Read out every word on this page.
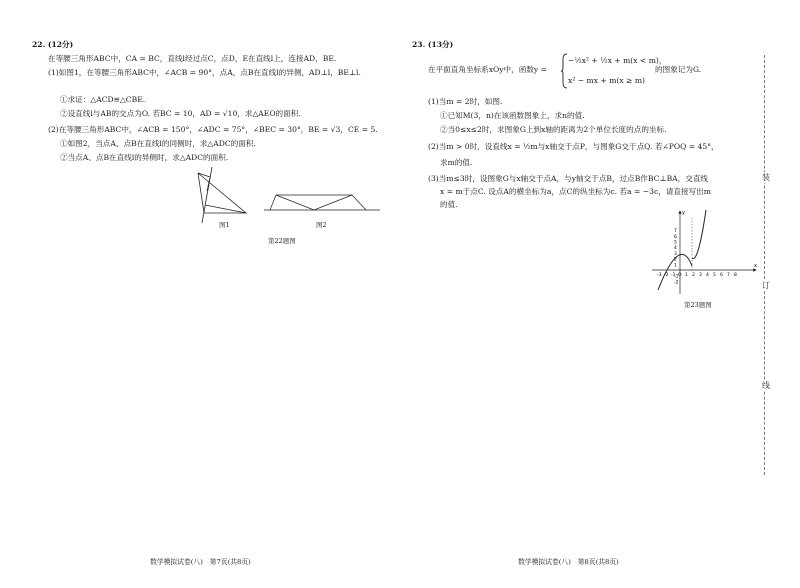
22. (12分)
在等腰三角形ABC中，CA = BC，直线l经过点C，点D，E在直线l上，连接AD，BE.
(1)如图1，在等腰三角形ABC中，∠ACB = 90°，点A，点B在直线l的异侧，AD⊥l，BE⊥l.
①求证：△ACD≌△CBE.
②设直线l与AB的交点为O. 若BC = 10，AD = √10，求△AEO的面积.
(2)在等腰三角形ABC中，∠ACB = 150°，∠ADC = 75°，∠BEC = 30°，BE = √3，CE = 5.
①如图2，当点A、点B在直线l的同侧时，求△ADC的面积.
②当点A、点B在直线l的异侧时，求△ADC的面积.
图1	图2
第22题图
数学模拟试卷(八)　第7页(共8页)
23. (13分)
在平面直角坐标系xOy中，函数y =
−½x² + ½x + m(x < m)，
x² − mx + m(x ≥ m)
的图象记为G.
(1)当m = 2时，如图.
①已知M(3，n)在该函数图象上，求n的值.
②当0≤x≤2时，求图象G上到x轴的距离为2个单位长度的点的坐标.
(2)当m > 0时，设直线x = ½m与x轴交于点P，与图象G交于点Q. 若∠POQ = 45°，
求m的值.
(3)当m≤3时，设图象G与x轴交于点A，与y轴交于点B，过点B作BC⊥BA，交直线
x = m于点C. 设点A的横坐标为a，点C的纵坐标为c. 若a = −3c，请直接写出m
的值.
x
y
-3 -2 -1 O 1 2 3 4 5 6 7 8
7
6
5
4
3
2
1
-1
-2
第23题图
数学模拟试卷(八)　第8页(共8页)
装
订
线
